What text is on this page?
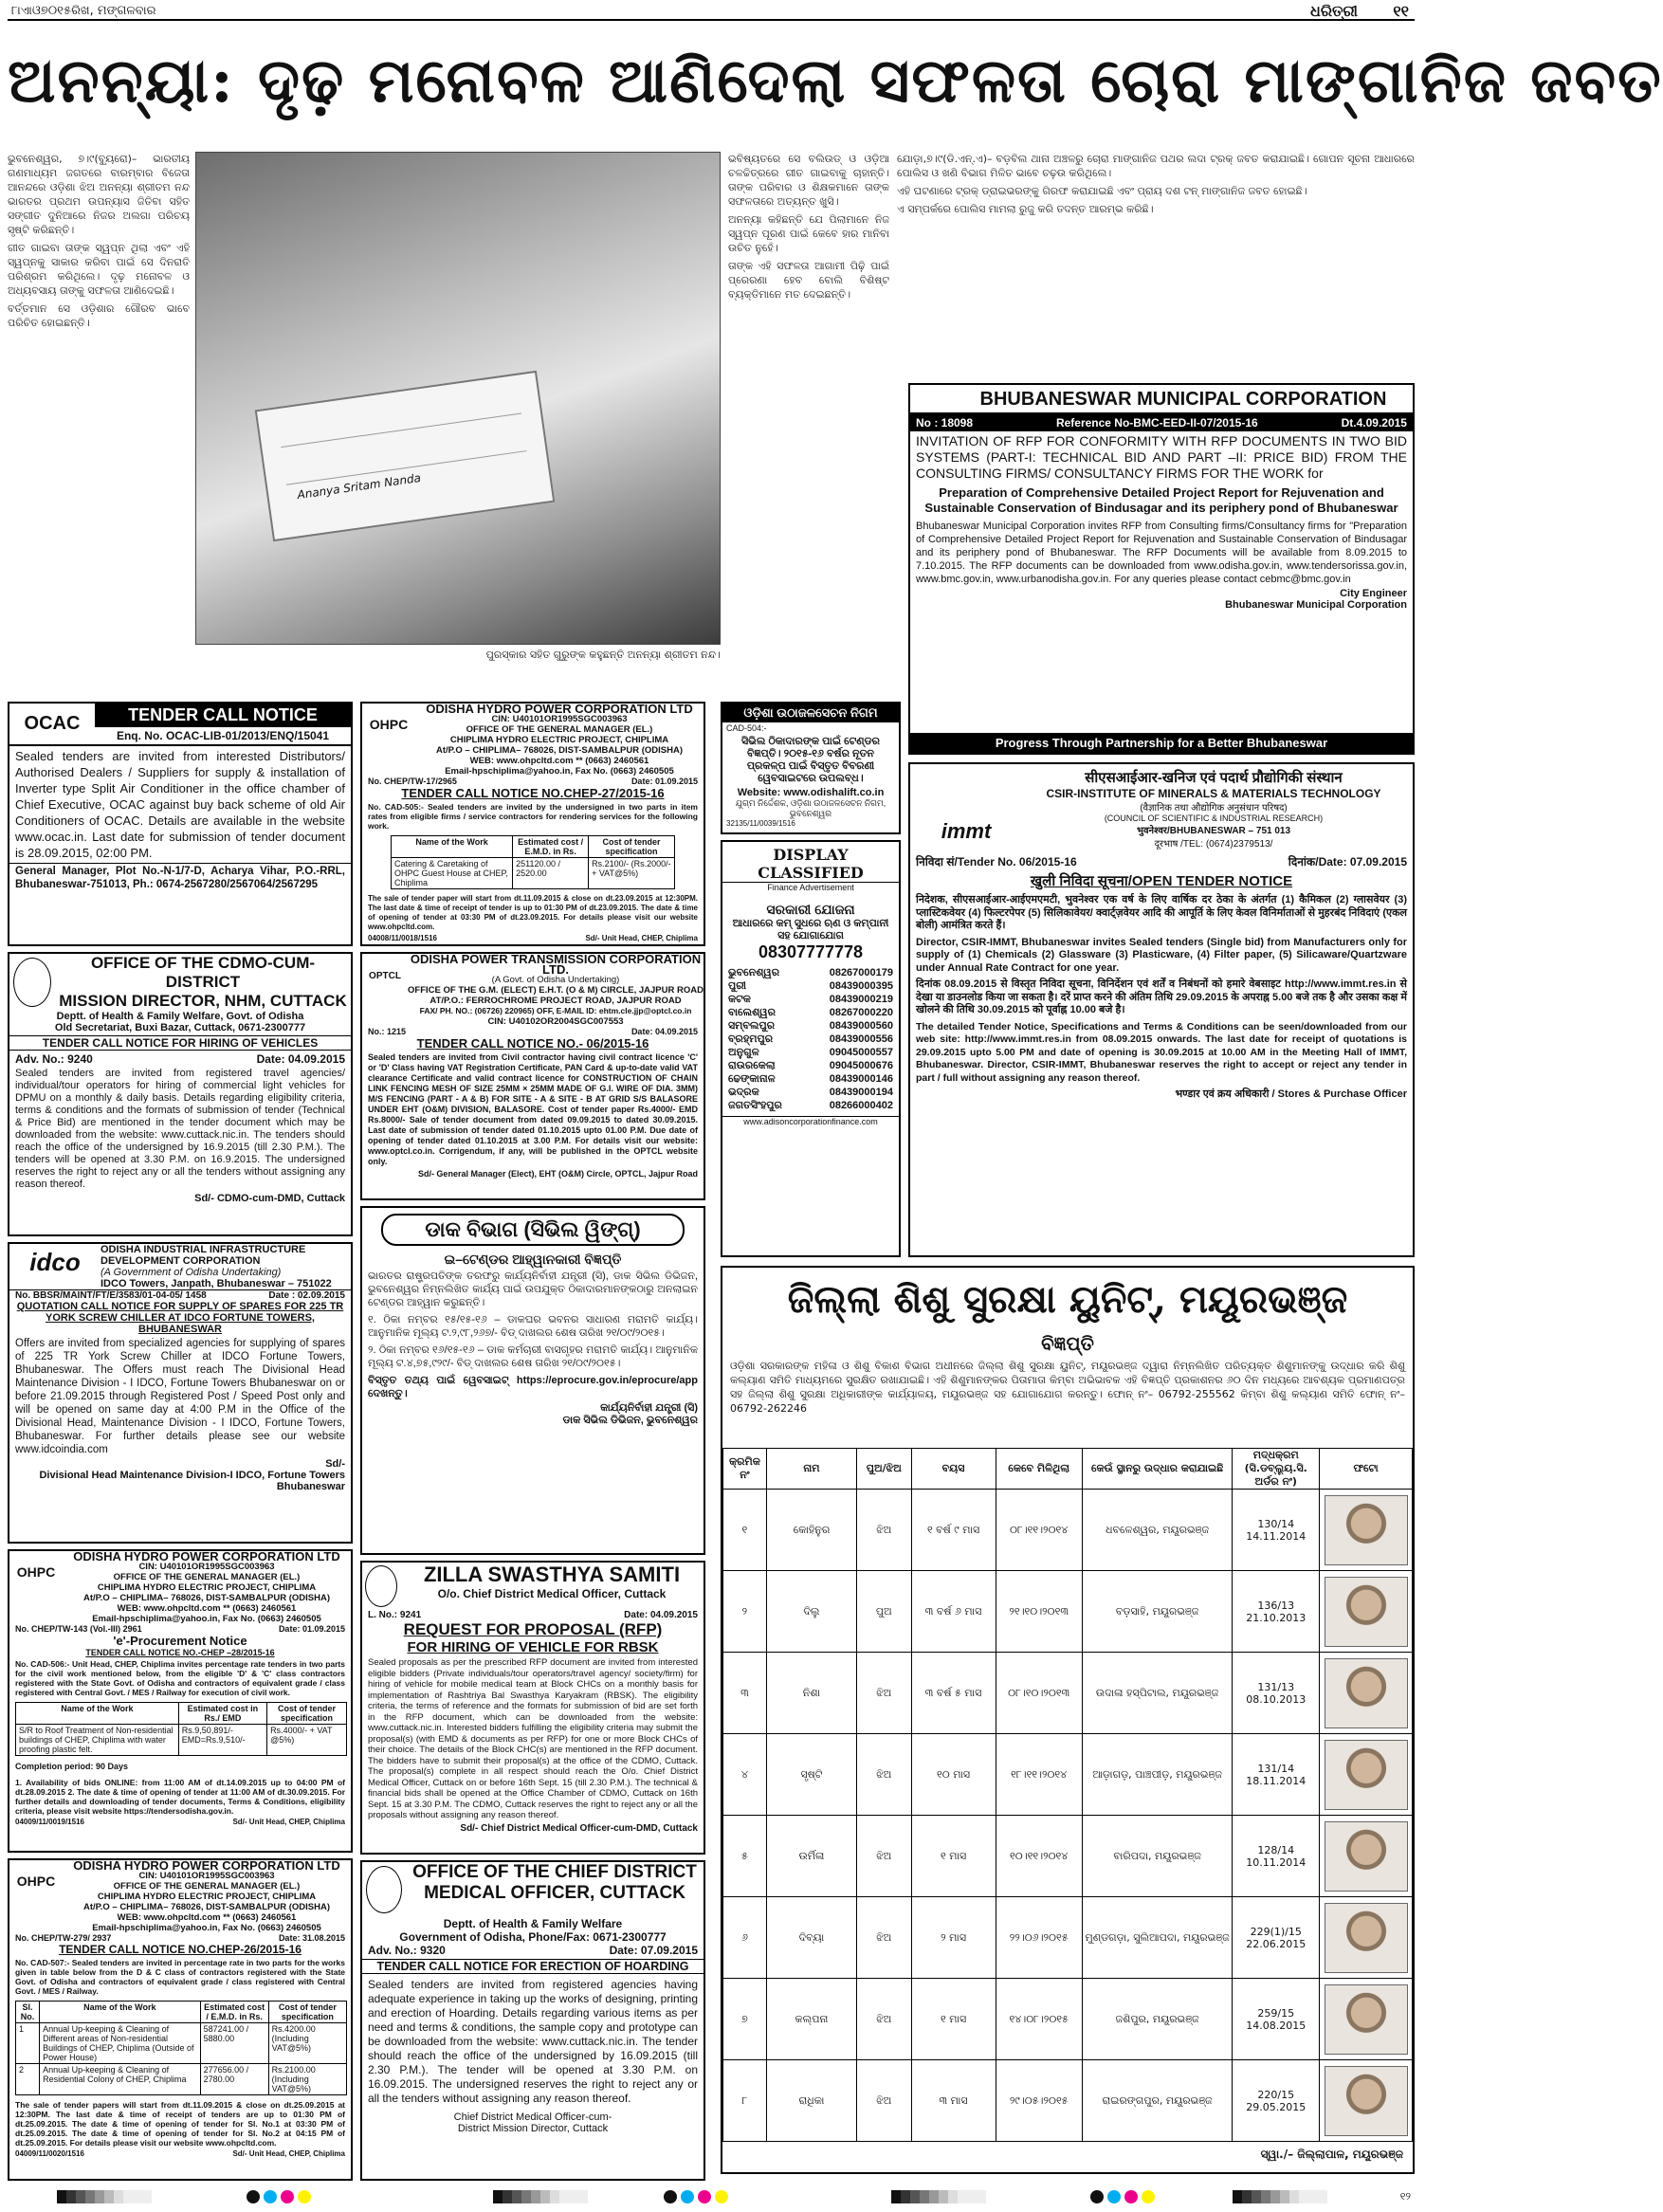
୮ାଏାଓ୭୦୧୫ରିଖ, ମଙ୍ଗଳବାର	ଧରିତ୍ରୀ ୧୧
ଅନନ୍ୟା: ଦୃଢ଼ ମନୋବଳ ଆଣିଦେଲା ସଫଳତା ଚୋରା ମାଙ୍ଗାନିଜ ଜବତ

ଭୁବନେଶ୍ୱର, ୭।୯(ବ୍ୟୁରୋ)– ଭାରତୀୟ ଗଣମାଧ୍ୟମ ଜଗତରେ ବାରମ୍ବାର ବିଜେତା ଆନନ୍ଦରେ ଓଡ଼ିଶା ଝିଅ ଅନନ୍ୟା ଶ୍ରୀତମ ନନ୍ଦ ଭାରତର ପ୍ରଥମ ଉପନ୍ୟାସ ଜିତିବା ସହିତ ସଙ୍ଗୀତ ଦୁନିଆରେ ନିଜର ଅଲଗା ପରିଚୟ ସୃଷ୍ଟି କରିଛନ୍ତି।

ଗୀତ ଗାଇବା ତାଙ୍କ ସ୍ୱପ୍ନ ଥିଲା ଏବଂ ଏହି ସ୍ୱପ୍ନକୁ ସାକାର କରିବା ପାଇଁ ସେ ଦିନରାତି ପରିଶ୍ରମ କରିଥିଲେ। ଦୃଢ଼ ମନୋବଳ ଓ ଅଧ୍ୟବସାୟ ତାଙ୍କୁ ସଫଳତା ଆଣିଦେଇଛି।

ବର୍ତ୍ତମାନ ସେ ଓଡ଼ିଶାର ଗୌରବ ଭାବେ ପରିଚିତ ହୋଇଛନ୍ତି।

Ananya Sritam Nanda
ପୁରସ୍କାର ସହିତ ଗୁରୁଙ୍କ କହୁଛନ୍ତି ଅନନ୍ୟା ଶ୍ରୀତମ ନନ୍ଦ।

ଭବିଷ୍ୟତରେ ସେ ବଲିଉଡ୍ ଓ ଓଡ଼ିଆ ଚଳଚ୍ଚିତ୍ରରେ ଗୀତ ଗାଇବାକୁ ଚାହାନ୍ତି। ତାଙ୍କ ପରିବାର ଓ ଶିକ୍ଷକମାନେ ତାଙ୍କ ସଫଳତାରେ ଅତ୍ୟନ୍ତ ଖୁସି।

ଅନନ୍ୟା କହିଛନ୍ତି ଯେ ପିଲାମାନେ ନିଜ ସ୍ୱପ୍ନ ପୂରଣ ପାଇଁ କେବେ ହାର ମାନିବା ଉଚିତ ନୁହେଁ।

ତାଙ୍କ ଏହି ସଫଳତା ଆଗାମୀ ପିଢ଼ି ପାଇଁ ପ୍ରେରଣା ହେବ ବୋଲି ବିଶିଷ୍ଟ ବ୍ୟକ୍ତିମାନେ ମତ ଦେଇଛନ୍ତି।

ଯୋଡ଼ା,୭।୯(ଡି.ଏନ୍.ଏ)– ବଡ଼ବିଲ ଥାନା ଅଞ୍ଚଳରୁ ଚୋରା ମାଙ୍ଗାନିଜ ପଥର ଲଦା ଟ୍ରକ୍ ଜବତ କରାଯାଇଛି। ଗୋପନ ସୂଚନା ଆଧାରରେ ପୋଲିସ ଓ ଖଣି ବିଭାଗ ମିଳିତ ଭାବେ ଚଢ଼ଉ କରିଥିଲେ।

ଏହି ଘଟଣାରେ ଟ୍ରକ୍ ଡ୍ରାଇଭରଙ୍କୁ ଗିରଫ କରାଯାଇଛି ଏବଂ ପ୍ରାୟ ଦଶ ଟନ୍ ମାଙ୍ଗାନିଜ ଜବତ ହୋଇଛି।

ଏ ସମ୍ପର୍କରେ ପୋଲିସ ମାମଲା ରୁଜୁ କରି ତଦନ୍ତ ଆରମ୍ଭ କରିଛି।

BHUBANESWAR MUNICIPAL CORPORATION
No : 18098	Reference No-BMC-EED-II-07/2015-16	Dt.4.09.2015
INVITATION OF RFP FOR CONFORMITY WITH RFP DOCUMENTS IN TWO BID SYSTEMS (PART-I: TECHNICAL BID AND PART –II: PRICE BID) FROM THE CONSULTING FIRMS/ CONSULTANCY FIRMS FOR THE WORK for
Preparation of Comprehensive Detailed Project Report for Rejuvenation and Sustainable Conservation of Bindusagar and its periphery pond of Bhubaneswar
Bhubaneswar Municipal Corporation invites RFP from Consulting firms/Consultancy firms for "Preparation of Comprehensive Detailed Project Report for Rejuvenation and Sustainable Conservation of Bindusagar and its periphery pond of Bhubaneswar. The RFP Documents will be available from 8.09.2015 to 7.10.2015. The RFP documents can be downloaded from www.odisha.gov.in, www.tendersorissa.gov.in, www.bmc.gov.in, www.urbanodisha.gov.in. For any queries please contact cebmc@bmc.gov.in
City Engineer
Bhubaneswar Municipal Corporation
Progress Through Partnership for a Better Bhubaneswar
immt
सीएसआईआर-खनिज एवं पदार्थ प्रौद्योगिकी संस्थान
CSIR-INSTITUTE OF MINERALS & MATERIALS TECHNOLOGY
(वैज्ञानिक तथा औद्योगिक अनुसंधान परिषद)
(COUNCIL OF SCIENTIFIC & INDUSTRIAL RESEARCH)
भुवनेश्वर/BHUBANESWAR – 751 013
दूरभाष /TEL: (0674)2379513/
निविदा सं/Tender No. 06/2015-16	दिनांक/Date: 07.09.2015
खुली निविदा सूचना/OPEN TENDER NOTICE
निदेशक, सीएसआईआर-आईएमएमटी, भुवनेश्वर एक वर्ष के लिए वार्षिक दर ठेका के अंतर्गत (1) कैमिकल (2) ग्लासवेयर (3) प्लास्टिकवेयर (4) फिल्टरपेपर (5) सिलिकावेयर/ क्वार्ट्ज़वेयर आदि की आपूर्ति के लिए केवल विनिर्माताओं से मुहरबंद निविदाएं (एकल बोली) आमंत्रित करते हैं।
Director, CSIR-IMMT, Bhubaneswar invites Sealed tenders (Single bid) from Manufacturers only for supply of (1) Chemicals (2) Glassware (3) Plasticware, (4) Filter paper, (5) Silicaware/Quartzware under Annual Rate Contract for one year.
दिनांक 08.09.2015 से विस्तृत निविदा सूचना, विनिर्देशन एवं शर्तें व निबंधनों को हमारे वेबसाइट http://www.immt.res.in से देखा या डाउनलोड किया जा सकता है। दरें प्राप्त करने की अंतिम तिथि 29.09.2015 के अपराह्न 5.00 बजे तक है और उसका कक्ष में खोलने की तिथि 30.09.2015 को पूर्वाह्न 10.00 बजे है।
The detailed Tender Notice, Specifications and Terms & Conditions can be seen/downloaded from our web site: http://www.immt.res.in from 08.09.2015 onwards. The last date for receipt of quotations is 29.09.2015 upto 5.00 PM and date of opening is 30.09.2015 at 10.00 AM in the Meeting Hall of IMMT, Bhubaneswar. Director, CSIR-IMMT, Bhubaneswar reserves the right to accept or reject any tender in part / full without assigning any reason thereof.
भण्डार एवं क्रय अधिकारी / Stores & Purchase Officer
OCAC	TENDER CALL NOTICE
Enq. No. OCAC-LIB-01/2013/ENQ/15041
Sealed tenders are invited from interested Distributors/ Authorised Dealers / Suppliers for supply & installation of Inverter type Split Air Conditioner in the office chamber of Chief Executive, OCAC against buy back scheme of old Air Conditioners of OCAC. Details are available in the website www.ocac.in. Last date for submission of tender document is 28.09.2015, 02:00 PM.
General Manager, Plot No.-N-1/7-D, Acharya Vihar, P.O.-RRL, Bhubaneswar-751013, Ph.: 0674-2567280/2567064/2567295
OFFICE OF THE CDMO-CUM-DISTRICT
MISSION DIRECTOR, NHM, CUTTACK
Deptt. of Health & Family Welfare, Govt. of Odisha
Old Secretariat, Buxi Bazar, Cuttack, 0671-2300777
TENDER CALL NOTICE FOR HIRING OF VEHICLES
Adv. No.: 9240	Date: 04.09.2015
Sealed tenders are invited from registered travel agencies/ individual/tour operators for hiring of commercial light vehicles for DPMU on a monthly & daily basis. Details regarding eligibility criteria, terms & conditions and the formats of submission of tender (Technical & Price Bid) are mentioned in the tender document which may be downloaded from the website: www.cuttack.nic.in. The tenders should reach the office of the undersigned by 16.9.2015 (till 2.30 P.M.). The tenders will be opened at 3.30 P.M. on 16.9.2015. The undersigned reserves the right to reject any or all the tenders without assigning any reason thereof.
Sd/- CDMO-cum-DMD, Cuttack
idco	ODISHA INDUSTRIAL INFRASTRUCTURE
DEVELOPMENT CORPORATION
(A Government of Odisha Undertaking)
IDCO Towers, Janpath, Bhubaneswar – 751022
No. BBSR/MAINT/FT/E/3583/01-04-05/ 1458	Date : 02.09.2015
QUOTATION CALL NOTICE FOR SUPPLY OF SPARES FOR 225 TR YORK SCREW CHILLER AT IDCO FORTUNE TOWERS, BHUBANESWAR
Offers are invited from specialized agencies for supplying of spares of 225 TR York Screw Chiller at IDCO Fortune Towers, Bhubaneswar. The Offers must reach The Divisional Head Maintenance Division - I IDCO, Fortune Towers Bhubaneswar on or before 21.09.2015 through Registered Post / Speed Post only and will be opened on same day at 4:00 P.M in the Office of the Divisional Head, Maintenance Division - I IDCO, Fortune Towers, Bhubaneswar. For further details please see our website www.idcoindia.com
Sd/-
Divisional Head Maintenance Division-I IDCO, Fortune Towers Bhubaneswar
OHPC
ODISHA HYDRO POWER CORPORATION LTD
CIN: U40101OR1995SGC003963
OFFICE OF THE GENERAL MANAGER (EL.)
CHIPLIMA HYDRO ELECTRIC PROJECT, CHIPLIMA
At/P.O – CHIPLIMA– 768026, DIST-SAMBALPUR (ODISHA)
WEB: www.ohpcltd.com ** (0663) 2460561
Email-hpschiplima@yahoo.in, Fax No. (0663) 2460505
No. CHEP/TW-143 (Vol.-III) 2961	Date: 01.09.2015
'e'-Procurement Notice
TENDER CALL NOTICE NO.-CHEP –28/2015-16
No. CAD-506:- Unit Head, CHEP, Chiplima invites percentage rate tenders in two parts for the civil work mentioned below, from the eligible 'D' & 'C' class contractors registered with the State Govt. of Odisha and contractors of equivalent grade / class registered with Central Govt. / MES / Railway for execution of civil work.
Name of the Work	Estimated cost in Rs./ EMD	Cost of tender specification
S/R to Roof Treatment of Non-residential buildings of CHEP, Chiplima with water proofing plastic felt.	Rs.9,50,891/- EMD=Rs.9,510/-	Rs.4000/- + VAT @5%)
Completion period: 90 Days
1. Availability of bids ONLINE: from 11:00 AM of dt.14.09.2015 up to 04:00 PM of dt.28.09.2015 2. The date & time of opening of tender at 11:00 AM of dt.30.09.2015. For further details and downloading of tender documents, Terms & Conditions, eligibility criteria, please visit website https://tendersodisha.gov.in.
04009/11/0019/1516	Sd/- Unit Head, CHEP, Chiplima
OHPC
ODISHA HYDRO POWER CORPORATION LTD
CIN: U40101OR1995SGC003963
OFFICE OF THE GENERAL MANAGER (EL.)
CHIPLIMA HYDRO ELECTRIC PROJECT, CHIPLIMA
At/P.O – CHIPLIMA– 768026, DIST-SAMBALPUR (ODISHA)
WEB: www.ohpcltd.com ** (0663) 2460561
Email-hpschiplima@yahoo.in, Fax No. (0663) 2460505
No. CHEP/TW-279/ 2937	Date: 31.08.2015
TENDER CALL NOTICE NO.CHEP-26/2015-16
No. CAD-507:- Sealed tenders are invited in percentage rate in two parts for the works given in table below from the D & C class of contractors registered with the State Govt. of Odisha and contractors of equivalent grade / class registered with Central Govt. / MES / Railway.
Sl. No.	Name of the Work	Estimated cost / E.M.D. in Rs.	Cost of tender specification
1	Annual Up-keeping & Cleaning of Different areas of Non-residential Buildings of CHEP, Chiplima (Outside of Power House)	587241.00 / 5880.00	Rs.4200.00 (Including VAT@5%)
2	Annual Up-keeping & Cleaning of Residential Colony of CHEP, Chiplima	277656.00 / 2780.00	Rs.2100.00 (Including VAT@5%)
The sale of tender papers will start from dt.11.09.2015 & close on dt.25.09.2015 at 12:30PM. The last date & time of receipt of tenders are up to 01:30 PM of dt.25.09.2015. The date & time of opening of tender for Sl. No.1 at 03:30 PM of dt.25.09.2015. The date & time of opening of tender for Sl. No.2 at 04:15 PM of dt.25.09.2015. For details please visit our website www.ohpcltd.com.
04009/11/0020/1516	Sd/- Unit Head, CHEP, Chiplima
OHPC
ODISHA HYDRO POWER CORPORATION LTD
CIN: U40101OR1995SGC003963
OFFICE OF THE GENERAL MANAGER (EL.)
CHIPLIMA HYDRO ELECTRIC PROJECT, CHIPLIMA
At/P.O – CHIPLIMA– 768026, DIST-SAMBALPUR (ODISHA)
WEB: www.ohpcltd.com ** (0663) 2460561
Email-hpschiplima@yahoo.in, Fax No. (0663) 2460505
No. CHEP/TW-17/2965	Date: 01.09.2015
TENDER CALL NOTICE NO.CHEP-27/2015-16
No. CAD-505:- Sealed tenders are invited by the undersigned in two parts in item rates from eligible firms / service contractors for rendering services for the following work.
Name of the Work	Estimated cost / E.M.D. in Rs.	Cost of tender specification
Catering & Caretaking of OHPC Guest House at CHEP, Chiplima	251120.00 / 2520.00	Rs.2100/- (Rs.2000/- + VAT@5%)
The sale of tender paper will start from dt.11.09.2015 & close on dt.23.09.2015 at 12:30PM. The last date & time of receipt of tender is up to 01:30 PM of dt.23.09.2015. The date & time of opening of tender at 03:30 PM of dt.23.09.2015. For details please visit our website www.ohpcltd.com.
04008/11/0018/1516	Sd/- Unit Head, CHEP, Chiplima
OPTCL
ODISHA POWER TRANSMISSION CORPORATION LTD.
(A Govt. of Odisha Undertaking)
OFFICE OF THE G.M. (ELECT) E.H.T. (O & M) CIRCLE, JAJPUR ROAD
AT/P.O.: FERROCHROME PROJECT ROAD, JAJPUR ROAD
FAX/ PH. NO.: (06726) 220965) OFF, E-MAIL ID: ehtm.cle.jjp@optcl.co.in
CIN: U40102OR2004SGC007553
No.: 1215	Date: 04.09.2015
TENDER CALL NOTICE NO.- 06/2015-16
Sealed tenders are invited from Civil contractor having civil contract licence 'C' or 'D' Class having VAT Registration Certificate, PAN Card & up-to-date valid VAT clearance Certificate and valid contract licence for CONSTRUCTION OF CHAIN LINK FENCING MESH OF SIZE 25MM × 25MM MADE OF G.I. WIRE OF DIA. 3MM) M/S FENCING (PART - A & B) FOR SITE - A & SITE - B AT GRID S/S BALASORE UNDER EHT (O&M) DIVISION, BALASORE. Cost of tender paper Rs.4000/- EMD Rs.8000/- Sale of tender document from dated 09.09.2015 to dated 30.09.2015. Last date of submission of tender dated 01.10.2015 upto 01.00 P.M. Due date of opening of tender dated 01.10.2015 at 3.00 P.M. For details visit our website: www.optcl.co.in. Corrigendum, if any, will be published in the OPTCL website only.
Sd/- General Manager (Elect), EHT (O&M) Circle, OPTCL, Jajpur Road
ଡାକ ବିଭାଗ (ସିଭିଲ ୱିଙ୍ଗ୍)
ଇ–ଟେଣ୍ଡର ଆହ୍ୱାନକାରୀ ବିଜ୍ଞପ୍ତି
ଭାରତର ରାଷ୍ଟ୍ରପତିଙ୍କ ତରଫରୁ କାର୍ଯ୍ୟନିର୍ବାହୀ ଯନ୍ତ୍ରୀ (ସି), ଡାକ ସିଭିଲ ଡିଭିଜନ, ଭୁବନେଶ୍ୱର ନିମ୍ନଲିଖିତ କାର୍ଯ୍ୟ ପାଇଁ ଉପଯୁକ୍ତ ଠିକାଦାରମାନଙ୍କଠାରୁ ଅନଲାଇନ ଟେଣ୍ଡର ଆହ୍ୱାନ କରୁଛନ୍ତି।
୧. ଠିକା ନମ୍ବର ୧୫/୧୫-୧୬ – ଡାକଘର ଭବନର ସାଧାରଣ ମରାମତି କାର୍ଯ୍ୟ। ଆନୁମାନିକ ମୂଲ୍ୟ ଟ.୨,୯୮,୨୬୭/- ବିଡ୍ ଦାଖଲର ଶେଷ ତାରିଖ ୨୧/୦୯/୨୦୧୫।
୨. ଠିକା ନମ୍ବର ୧୬/୧୫-୧୬ – ଡାକ କର୍ମଚାରୀ ବାସଗୃହର ମରାମତି କାର୍ଯ୍ୟ। ଆନୁମାନିକ ମୂଲ୍ୟ ଟ.୪,୭୫,୯୨୯/- ବିଡ୍ ଦାଖଲର ଶେଷ ତାରିଖ ୨୧/୦୯/୨୦୧୫।
ବିସ୍ତୃତ ତଥ୍ୟ ପାଇଁ ୱେବସାଇଟ୍ https://eprocure.gov.in/eprocure/app ଦେଖନ୍ତୁ।
କାର୍ଯ୍ୟନିର୍ବାହୀ ଯନ୍ତ୍ରୀ (ସି)
ଡାକ ସିଭିଲ ଡିଭିଜନ, ଭୁବନେଶ୍ୱର
ZILLA SWASTHYA SAMITI
O/o. Chief District Medical Officer, Cuttack
L. No.: 9241	Date: 04.09.2015
REQUEST FOR PROPOSAL (RFP)
FOR HIRING OF VEHICLE FOR RBSK
Sealed proposals as per the prescribed RFP document are invited from interested eligible bidders (Private individuals/tour operators/travel agency/ society/firm) for hiring of vehicle for mobile medical team at Block CHCs on a monthly basis for implementation of Rashtriya Bal Swasthya Karyakram (RBSK). The eligibility criteria, the terms of reference and the formats for submission of bid are set forth in the RFP document, which can be downloaded from the website: www.cuttack.nic.in. Interested bidders fulfilling the eligibility criteria may submit the proposal(s) (with EMD & documents as per RFP) for one or more Block CHCs of their choice. The details of the Block CHC(s) are mentioned in the RFP document. The bidders have to submit their proposal(s) at the office of the CDMO, Cuttack. The proposal(s) complete in all respect should reach the O/o. Chief District Medical Officer, Cuttack on or before 16th Sept. 15 (till 2.30 P.M.). The technical & financial bids shall be opened at the Office Chamber of CDMO, Cuttack on 16th Sept. 15 at 3.30 P.M. The CDMO, Cuttack reserves the right to reject any or all the proposals without assigning any reason thereof.
Sd/- Chief District Medical Officer-cum-DMD, Cuttack
OFFICE OF THE CHIEF DISTRICT
MEDICAL OFFICER, CUTTACK
Deptt. of Health & Family Welfare
Government of Odisha, Phone/Fax: 0671-2300777
Adv. No.: 9320	Date: 07.09.2015
TENDER CALL NOTICE FOR ERECTION OF HOARDING
Sealed tenders are invited from registered agencies having adequate experience in taking up the works of designing, printing and erection of Hoarding. Details regarding various items as per need and terms & conditions, the sample copy and prototype can be downloaded from the website: www.cuttack.nic.in. The tender should reach the office of the undersigned by 16.09.2015 (till 2.30 P.M.). The tender will be opened at 3.30 P.M. on 16.09.2015. The undersigned reserves the right to reject any or all the tenders without assigning any reason thereof.
Chief District Medical Officer-cum-
District Mission Director, Cuttack
ଓଡ଼ିଶା ଉଠାଜଳସେଚନ ନିଗମ
CAD-504:-
ସିଭିଲ ଠିକାଦାରଙ୍କ ପାଇଁ ଟେଣ୍ଡର ବିଜ୍ଞପ୍ତି। ୨୦୧୫-୧୬ ବର୍ଷର ନୂତନ ପ୍ରକଳ୍ପ ପାଇଁ ବିସ୍ତୃତ ବିବରଣୀ ୱେବସାଇଟରେ ଉପଲବ୍ଧ।
Website: www.odishalift.co.in
ଯୁଗ୍ମ ନିର୍ଦ୍ଦେଶକ, ଓଡ଼ିଶା ଉଠାଜଳସେଚନ ନିଗମ, ଭୁବନେଶ୍ୱର
32135/11/0039/1516
DISPLAY CLASSIFIED
Finance Advertisement
ସରକାରୀ ଯୋଜନା
ଆଧାରରେ କମ୍ ସୁଧରେ ଋଣ ଓ କମ୍ପାନୀ ସହ ଯୋଗାଯୋଗ
08307777778
ଭୁବନେଶ୍ୱର	08267000179
ପୁରୀ	08439000395
କଟକ	08439000219
ବାଲେଶ୍ୱର	08267000220
ସମ୍ବଲପୁର	08439000560
ବ୍ରହ୍ମପୁର	08439000556
ଅନୁଗୁଳ	09045000557
ରାଉରକେଲା	09045000676
ଢେଙ୍କାନାଳ	08439000146
ଭଦ୍ରକ	08439000194
ଜଗତସିଂହପୁର	08266000402
www.adisoncorporationfinance.com
ଜିଲ୍ଲା ଶିଶୁ ସୁରକ୍ଷା ୟୁନିଟ୍, ମୟୂରଭଞ୍ଜ
ବିଜ୍ଞପ୍ତି
ଓଡ଼ିଶା ସରକାରଙ୍କ ମହିଳା ଓ ଶିଶୁ ବିକାଶ ବିଭାଗ ଅଧୀନରେ ଜିଲ୍ଲା ଶିଶୁ ସୁରକ୍ଷା ୟୁନିଟ୍, ମୟୂରଭଞ୍ଜ ଦ୍ୱାରା ନିମ୍ନଲିଖିତ ପରିତ୍ୟକ୍ତ ଶିଶୁମାନଙ୍କୁ ଉଦ୍ଧାର କରି ଶିଶୁ କଲ୍ୟାଣ ସମିତି ମାଧ୍ୟମରେ ସୁରକ୍ଷିତ ରଖାଯାଇଛି। ଏହି ଶିଶୁମାନଙ୍କର ପିତାମାତା କିମ୍ବା ଅଭିଭାବକ ଏହି ବିଜ୍ଞପ୍ତି ପ୍ରକାଶନର ୬୦ ଦିନ ମଧ୍ୟରେ ଆବଶ୍ୟକ ପ୍ରମାଣପତ୍ର ସହ ଜିଲ୍ଲା ଶିଶୁ ସୁରକ୍ଷା ଅଧିକାରୀଙ୍କ କାର୍ଯ୍ୟାଳୟ, ମୟୂରଭଞ୍ଜ ସହ ଯୋଗାଯୋଗ କରନ୍ତୁ। ଫୋନ୍ ନଂ– 06792-255562 କିମ୍ବା ଶିଶୁ କଲ୍ୟାଣ ସମିତି ଫୋନ୍ ନଂ– 06792-262246
କ୍ରମିକ ନଂ	ନାମ	ପୁଅ/ଝିଅ	ବୟସ	କେବେ ମିଳିଥିଲା	କେଉଁ ସ୍ଥାନରୁ ଉଦ୍ଧାର କରାଯାଇଛି	ମଦ୍ଧକ୍ରମ (ସି.ଡବ୍ଲ୍ୟୁ.ସି. ଅର୍ଡର ନଂ)	ଫଟୋ
୧	କୋହିନୁର	ଝିଅ	୧ ବର୍ଷ ୯ ମାସ	୦୮।୧୧।୨୦୧୪	ଧବଳେଶ୍ୱର, ମୟୂରଭଞ୍ଜ	130/14 14.11.2014	

୨	ଦିଲୁ	ପୁଅ	୩ ବର୍ଷ ୬ ମାସ	୨୧।୧୦।୨୦୧୩	ବଡ଼ସାହି, ମୟୂରଭଞ୍ଜ	136/13 21.10.2013	

୩	ନିଶା	ଝିଅ	୩ ବର୍ଷ ୫ ମାସ	୦୮।୧୦।୨୦୧୩	ଉଦାଳା ହସ୍ପିଟାଲ, ମୟୂରଭଞ୍ଜ	131/13 08.10.2013	

୪	ସୃଷ୍ଟି	ଝିଅ	୧୦ ମାସ	୧୮।୧୧।୨୦୧୪	ଆଡ଼ାଗଡ଼, ପାଞ୍ଚପୀଡ଼, ମୟୂରଭଞ୍ଜ	131/14 18.11.2014	

୫	ଉର୍ମିଳା	ଝିଅ	୧ ମାସ	୧୦।୧୧।୨୦୧୪	ବାରିପଦା, ମୟୂରଭଞ୍ଜ	128/14 10.11.2014	

୬	ଦିବ୍ୟା	ଝିଅ	୨ ମାସ	୨୨।୦୬।୨୦୧୫	ମୁଣ୍ଡଗଡ଼ା, ସୁଲିଆପଦା, ମୟୂରଭଞ୍ଜ	229(1)/15 22.06.2015	

୭	କଲ୍ପନା	ଝିଅ	୧ ମାସ	୧୪।୦୮।୨୦୧୫	ଜଶିପୁର, ମୟୂରଭଞ୍ଜ	259/15 14.08.2015	

୮	ରାଧିକା	ଝିଅ	୩ ମାସ	୨୯।୦୫।୨୦୧୫	ରାଇରଙ୍ଗପୁର, ମୟୂରଭଞ୍ଜ	220/15 29.05.2015	
ସ୍ୱା./– ଜିଲ୍ଲାପାଳ, ମୟୂରଭଞ୍ଜ
୧୨
